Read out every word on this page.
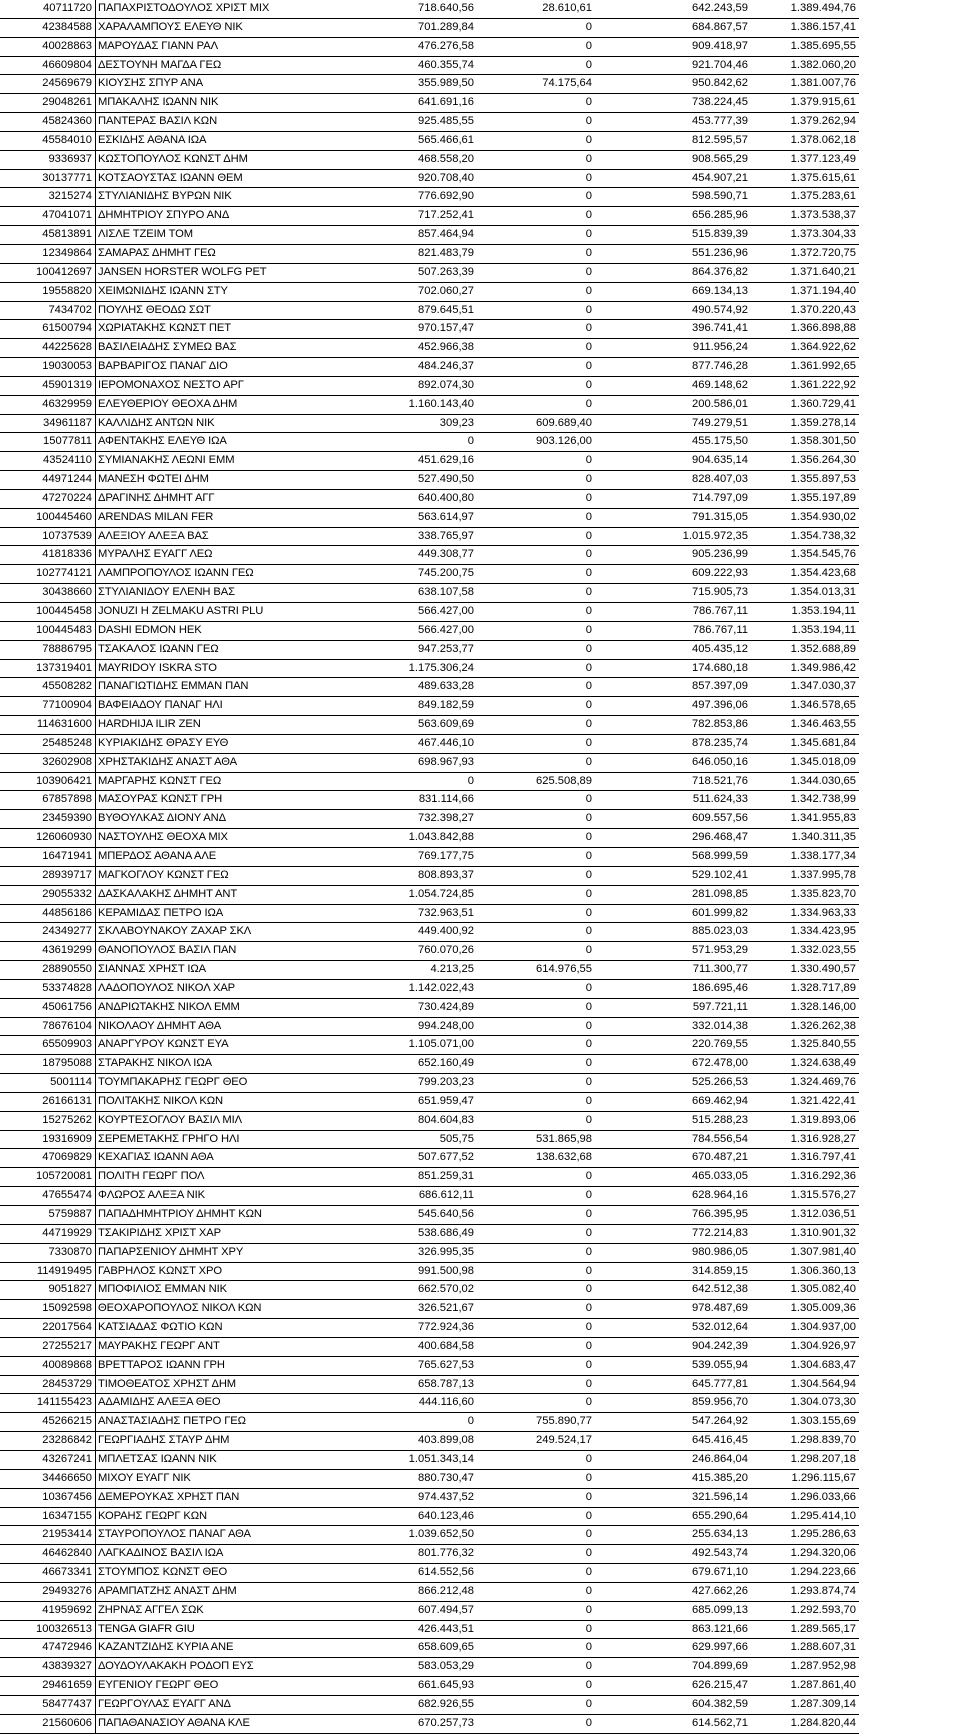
40711720	ΠΑΠΑΧΡΙΣΤΟΔΟΥΛΟΣ ΧΡΙΣΤ ΜΙΧ	718.640,56	28.610,61	642.243,59	1.389.494,76	
42384588	ΧΑΡΑΛΑΜΠΟΥΣ ΕΛΕΥΘ ΝΙΚ	701.289,84	0	684.867,57	1.386.157,41	
40028863	ΜΑΡΟΥΔΑΣ ΓΙΑΝΝ ΡΑΛ	476.276,58	0	909.418,97	1.385.695,55	
46609804	ΔΕΣΤΟΥΝΗ ΜΑΓΔΑ ΓΕΩ	460.355,74	0	921.704,46	1.382.060,20	
24569679	ΚΙΟΥΣΗΣ ΣΠΥΡ ΑΝΑ	355.989,50	74.175,64	950.842,62	1.381.007,76	
29048261	ΜΠΑΚΑΛΗΣ ΙΩΑΝΝ ΝΙΚ	641.691,16	0	738.224,45	1.379.915,61	
45824360	ΠΑΝΤΕΡΑΣ ΒΑΣΙΛ ΚΩΝ	925.485,55	0	453.777,39	1.379.262,94	
45584010	ΕΣΚΙΔΗΣ ΑΘΑΝΑ ΙΩΑ	565.466,61	0	812.595,57	1.378.062,18	
9336937	ΚΩΣΤΟΠΟΥΛΟΣ ΚΩΝΣΤ ΔΗΜ	468.558,20	0	908.565,29	1.377.123,49	
30137771	ΚΟΤΣΑΟΥΣΤΑΣ ΙΩΑΝΝ ΘΕΜ	920.708,40	0	454.907,21	1.375.615,61	
3215274	ΣΤΥΛΙΑΝΙΔΗΣ ΒΥΡΩΝ ΝΙΚ	776.692,90	0	598.590,71	1.375.283,61	
47041071	ΔΗΜΗΤΡΙΟΥ ΣΠΥΡΟ ΑΝΔ	717.252,41	0	656.285,96	1.373.538,37	
45813891	ΛΙΣΛΕ ΤΖΕΙΜ ΤΟΜ	857.464,94	0	515.839,39	1.373.304,33	
12349864	ΣΑΜΑΡΑΣ ΔΗΜΗΤ ΓΕΩ	821.483,79	0	551.236,96	1.372.720,75	
100412697	JANSEN HORSTER WOLFG PET	507.263,39	0	864.376,82	1.371.640,21	
19558820	ΧΕΙΜΩΝΙΔΗΣ ΙΩΑΝΝ ΣΤΥ	702.060,27	0	669.134,13	1.371.194,40	
7434702	ΠΟΥΛΗΣ ΘΕΟΔΩ ΣΩΤ	879.645,51	0	490.574,92	1.370.220,43	
61500794	ΧΩΡΙΑΤΑΚΗΣ ΚΩΝΣΤ ΠΕΤ	970.157,47	0	396.741,41	1.366.898,88	
44225628	ΒΑΣΙΛΕΙΑΔΗΣ ΣΥΜΕΩ ΒΑΣ	452.966,38	0	911.956,24	1.364.922,62	
19030053	ΒΑΡΒΑΡΙΓΟΣ ΠΑΝΑΓ ΔΙΟ	484.246,37	0	877.746,28	1.361.992,65	
45901319	ΙΕΡΟΜΟΝΑΧΟΣ ΝΕΣΤΟ ΑΡΓ	892.074,30	0	469.148,62	1.361.222,92	
46329959	ΕΛΕΥΘΕΡΙΟΥ ΘΕΟΧΑ ΔΗΜ	1.160.143,40	0	200.586,01	1.360.729,41	
34961187	ΚΑΛΛΙΔΗΣ ΑΝΤΩΝ ΝΙΚ	309,23	609.689,40	749.279,51	1.359.278,14	
15077811	ΑΦΕΝΤΑΚΗΣ ΕΛΕΥΘ ΙΩΑ	0	903.126,00	455.175,50	1.358.301,50	
43524110	ΣΥΜΙΑΝΑΚΗΣ ΛΕΩΝΙ ΕΜΜ	451.629,16	0	904.635,14	1.356.264,30	
44971244	ΜΑΝΕΣΗ ΦΩΤΕΙ ΔΗΜ	527.490,50	0	828.407,03	1.355.897,53	
47270224	ΔΡΑΓΙΝΗΣ ΔΗΜΗΤ ΑΓΓ	640.400,80	0	714.797,09	1.355.197,89	
100445460	ARENDAS MILAN FER	563.614,97	0	791.315,05	1.354.930,02	
10737539	ΑΛΕΞΙΟΥ ΑΛΕΞΑ ΒΑΣ	338.765,97	0	1.015.972,35	1.354.738,32	
41818336	ΜΥΡΑΛΗΣ ΕΥΑΓΓ ΛΕΩ	449.308,77	0	905.236,99	1.354.545,76	
102774121	ΛΑΜΠΡΟΠΟΥΛΟΣ ΙΩΑΝΝ ΓΕΩ	745.200,75	0	609.222,93	1.354.423,68	
30438660	ΣΤΥΛΙΑΝΙΔΟΥ ΕΛΕΝΗ ΒΑΣ	638.107,58	0	715.905,73	1.354.013,31	
100445458	JONUZI H ZELMAKU ASTRI PLU	566.427,00	0	786.767,11	1.353.194,11	
100445483	DASHI EDMON HEK	566.427,00	0	786.767,11	1.353.194,11	
78886795	ΤΣΑΚΑΛΟΣ ΙΩΑΝΝ ΓΕΩ	947.253,77	0	405.435,12	1.352.688,89	
137319401	MAYRIDOY ISKRA STO	1.175.306,24	0	174.680,18	1.349.986,42	
45508282	ΠΑΝΑΓΙΩΤΙΔΗΣ ΕΜΜΑΝ ΠΑΝ	489.633,28	0	857.397,09	1.347.030,37	
77100904	ΒΑΦΕΙΑΔΟΥ ΠΑΝΑΓ ΗΛΙ	849.182,59	0	497.396,06	1.346.578,65	
114631600	HARDHIJA ILIR ZEN	563.609,69	0	782.853,86	1.346.463,55	
25485248	ΚΥΡΙΑΚΙΔΗΣ ΘΡΑΣΥ ΕΥΘ	467.446,10	0	878.235,74	1.345.681,84	
32602908	ΧΡΗΣΤΑΚΙΔΗΣ ΑΝΑΣΤ ΑΘΑ	698.967,93	0	646.050,16	1.345.018,09	
103906421	ΜΑΡΓΑΡΗΣ ΚΩΝΣΤ ΓΕΩ	0	625.508,89	718.521,76	1.344.030,65	
67857898	ΜΑΣΟΥΡΑΣ ΚΩΝΣΤ ΓΡΗ	831.114,66	0	511.624,33	1.342.738,99	
23459390	ΒΥΘΟΥΛΚΑΣ ΔΙΟΝΥ ΑΝΔ	732.398,27	0	609.557,56	1.341.955,83	
126060930	ΝΑΣΤΟΥΛΗΣ ΘΕΟΧΑ ΜΙΧ	1.043.842,88	0	296.468,47	1.340.311,35	
16471941	ΜΠΕΡΔΟΣ ΑΘΑΝΑ ΑΛΕ	769.177,75	0	568.999,59	1.338.177,34	
28939717	ΜΑΓΚΟΓΛΟΥ ΚΩΝΣΤ ΓΕΩ	808.893,37	0	529.102,41	1.337.995,78	
29055332	ΔΑΣΚΑΛΑΚΗΣ ΔΗΜΗΤ ΑΝΤ	1.054.724,85	0	281.098,85	1.335.823,70	
44856186	ΚΕΡΑΜΙΔΑΣ ΠΕΤΡΟ ΙΩΑ	732.963,51	0	601.999,82	1.334.963,33	
24349277	ΣΚΛΑΒΟΥΝΑΚΟΥ ΖΑΧΑΡ ΣΚΛ	449.400,92	0	885.023,03	1.334.423,95	
43619299	ΘΑΝΟΠΟΥΛΟΣ ΒΑΣΙΛ ΠΑΝ	760.070,26	0	571.953,29	1.332.023,55	
28890550	ΣΙΑΝΝΑΣ ΧΡΗΣΤ ΙΩΑ	4.213,25	614.976,55	711.300,77	1.330.490,57	
53374828	ΛΑΔΟΠΟΥΛΟΣ ΝΙΚΟΛ ΧΑΡ	1.142.022,43	0	186.695,46	1.328.717,89	
45061756	ΑΝΔΡΙΩΤΑΚΗΣ ΝΙΚΟΛ ΕΜΜ	730.424,89	0	597.721,11	1.328.146,00	
78676104	ΝΙΚΟΛΑΟΥ ΔΗΜΗΤ ΑΘΑ	994.248,00	0	332.014,38	1.326.262,38	
65509903	ΑΝΑΡΓΥΡΟΥ ΚΩΝΣΤ ΕΥΑ	1.105.071,00	0	220.769,55	1.325.840,55	
18795088	ΣΤΑΡΑΚΗΣ ΝΙΚΟΛ ΙΩΑ	652.160,49	0	672.478,00	1.324.638,49	
5001114	ΤΟΥΜΠΑΚΑΡΗΣ ΓΕΩΡΓ ΘΕΟ	799.203,23	0	525.266,53	1.324.469,76	
26166131	ΠΟΛΙΤΑΚΗΣ ΝΙΚΟΛ ΚΩΝ	651.959,47	0	669.462,94	1.321.422,41	
15275262	ΚΟΥΡΤΕΣΟΓΛΟΥ ΒΑΣΙΛ ΜΙΛ	804.604,83	0	515.288,23	1.319.893,06	
19316909	ΣΕΡΕΜΕΤΑΚΗΣ ΓΡΗΓΟ ΗΛΙ	505,75	531.865,98	784.556,54	1.316.928,27	
47069829	ΚΕΧΑΓΙΑΣ ΙΩΑΝΝ ΑΘΑ	507.677,52	138.632,68	670.487,21	1.316.797,41	
105720081	ΠΟΛΙΤΗ ΓΕΩΡΓ ΠΟΛ	851.259,31	0	465.033,05	1.316.292,36	
47655474	ΦΛΩΡΟΣ ΑΛΕΞΑ ΝΙΚ	686.612,11	0	628.964,16	1.315.576,27	
5759887	ΠΑΠΑΔΗΜΗΤΡΙΟΥ ΔΗΜΗΤ ΚΩΝ	545.640,56	0	766.395,95	1.312.036,51	
44719929	ΤΣΑΚΙΡΙΔΗΣ ΧΡΙΣΤ ΧΑΡ	538.686,49	0	772.214,83	1.310.901,32	
7330870	ΠΑΠΑΡΣΕΝΙΟΥ ΔΗΜΗΤ ΧΡΥ	326.995,35	0	980.986,05	1.307.981,40	
114919495	ΓΑΒΡΗΛΟΣ ΚΩΝΣΤ ΧΡΟ	991.500,98	0	314.859,15	1.306.360,13	
9051827	ΜΠΟΦΙΛΙΟΣ ΕΜΜΑΝ ΝΙΚ	662.570,02	0	642.512,38	1.305.082,40	
15092598	ΘΕΟΧΑΡΟΠΟΥΛΟΣ ΝΙΚΟΛ ΚΩΝ	326.521,67	0	978.487,69	1.305.009,36	
22017564	ΚΑΤΣΙΑΔΑΣ ΦΩΤΙΟ ΚΩΝ	772.924,36	0	532.012,64	1.304.937,00	
27255217	ΜΑΥΡΑΚΗΣ ΓΕΩΡΓ ΑΝΤ	400.684,58	0	904.242,39	1.304.926,97	
40089868	ΒΡΕΤΤΑΡΟΣ ΙΩΑΝΝ ΓΡΗ	765.627,53	0	539.055,94	1.304.683,47	
28453729	ΤΙΜΟΘΕΑΤΟΣ ΧΡΗΣΤ ΔΗΜ	658.787,13	0	645.777,81	1.304.564,94	
141155423	ΑΔΑΜΙΔΗΣ ΑΛΕΞΑ ΘΕΟ	444.116,60	0	859.956,70	1.304.073,30	
45266215	ΑΝΑΣΤΑΣΙΑΔΗΣ ΠΕΤΡΟ ΓΕΩ	0	755.890,77	547.264,92	1.303.155,69	
23286842	ΓΕΩΡΓΙΑΔΗΣ ΣΤΑΥΡ ΔΗΜ	403.899,08	249.524,17	645.416,45	1.298.839,70	
43267241	ΜΠΛΕΤΣΑΣ ΙΩΑΝΝ ΝΙΚ	1.051.343,14	0	246.864,04	1.298.207,18	
34466650	ΜΙΧΟΥ ΕΥΑΓΓ ΝΙΚ	880.730,47	0	415.385,20	1.296.115,67	
10367456	ΔΕΜΕΡΟΥΚΑΣ ΧΡΗΣΤ ΠΑΝ	974.437,52	0	321.596,14	1.296.033,66	
16347155	ΚΟΡΑΗΣ ΓΕΩΡΓ ΚΩΝ	640.123,46	0	655.290,64	1.295.414,10	
21953414	ΣΤΑΥΡΟΠΟΥΛΟΣ ΠΑΝΑΓ ΑΘΑ	1.039.652,50	0	255.634,13	1.295.286,63	
46462840	ΛΑΓΚΑΔΙΝΟΣ ΒΑΣΙΛ ΙΩΑ	801.776,32	0	492.543,74	1.294.320,06	
46673341	ΣΤΟΥΜΠΟΣ ΚΩΝΣΤ ΘΕΟ	614.552,56	0	679.671,10	1.294.223,66	
29493276	ΑΡΑΜΠΑΤΖΗΣ ΑΝΑΣΤ ΔΗΜ	866.212,48	0	427.662,26	1.293.874,74	
41959692	ΖΗΡΝΑΣ ΑΓΓΕΛ ΣΩΚ	607.494,57	0	685.099,13	1.292.593,70	
100326513	TENGA GIAFR GIU	426.443,51	0	863.121,66	1.289.565,17	
47472946	ΚΑΖΑΝΤΖΙΔΗΣ ΚΥΡΙΑ ΑΝΕ	658.609,65	0	629.997,66	1.288.607,31	
43839327	ΔΟΥΔΟΥΛΑΚΑΚΗ ΡΟΔΟΠ ΕΥΣ	583.053,29	0	704.899,69	1.287.952,98	
29461659	ΕΥΓΕΝΙΟΥ ΓΕΩΡΓ ΘΕΟ	661.645,93	0	626.215,47	1.287.861,40	
58477437	ΓΕΩΡΓΟΥΛΑΣ ΕΥΑΓΓ ΑΝΔ	682.926,55	0	604.382,59	1.287.309,14	
21560606	ΠΑΠΑΘΑΝΑΣΙΟΥ ΑΘΑΝΑ ΚΛΕ	670.257,73	0	614.562,71	1.284.820,44	
